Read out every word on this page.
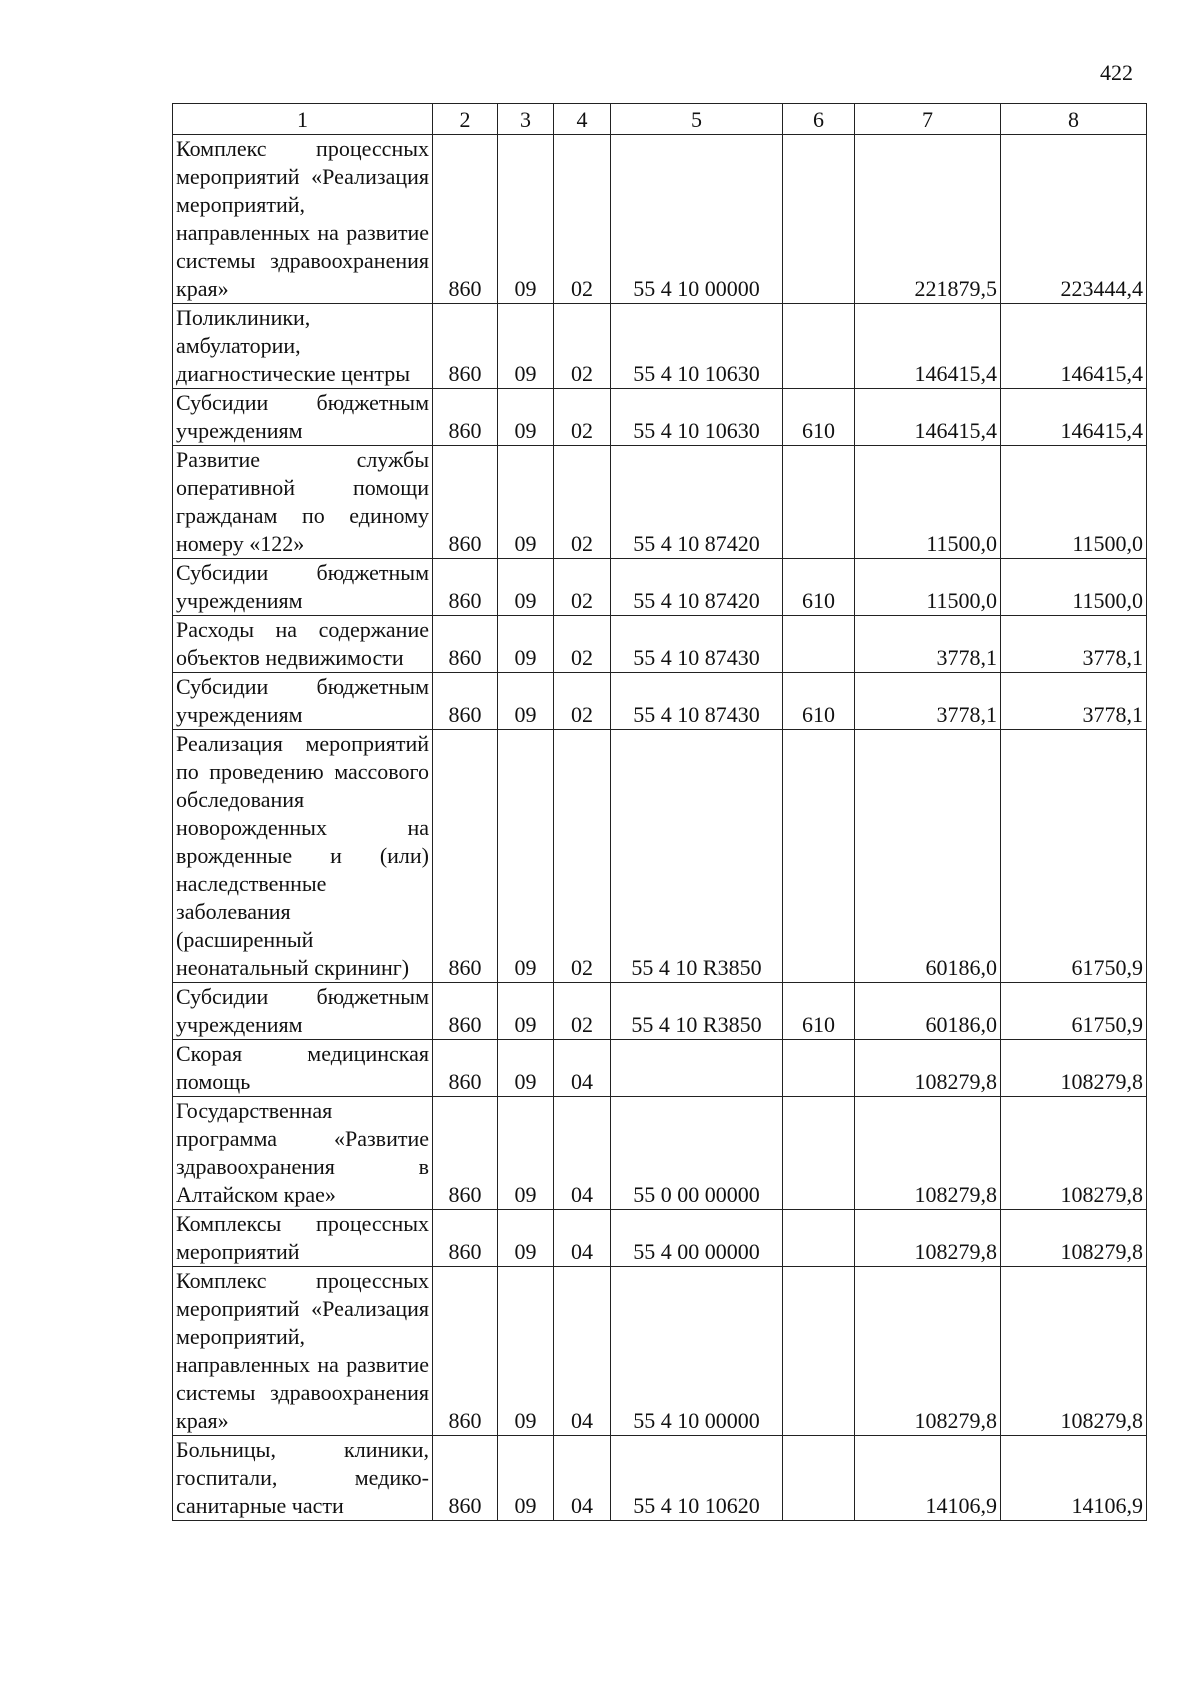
422
1	2	3	4	5	6	7	8
Комплекс процессных мероприятий «Реализация мероприятий, направленных на развитие системы здравоохранения края»	860	09	02	55 4 10 00000		221879,5	223444,4
Поликлиники, амбулатории, диагностические центры	860	09	02	55 4 10 10630		146415,4	146415,4
Субсидии бюджетным учреждениям	860	09	02	55 4 10 10630	610	146415,4	146415,4
Развитие службы оперативной помощи гражданам по единому номеру «122»	860	09	02	55 4 10 87420		11500,0	11500,0
Субсидии бюджетным учреждениям	860	09	02	55 4 10 87420	610	11500,0	11500,0
Расходы на содержание объектов недвижимости	860	09	02	55 4 10 87430		3778,1	3778,1
Субсидии бюджетным учреждениям	860	09	02	55 4 10 87430	610	3778,1	3778,1
Реализация мероприятий по проведению массового обследования новорожденных на врожденные и (или) наследственные заболевания (расширенный неонатальный скрининг)	860	09	02	55 4 10 R3850		60186,0	61750,9
Субсидии бюджетным учреждениям	860	09	02	55 4 10 R3850	610	60186,0	61750,9
Скорая медицинская помощь	860	09	04			108279,8	108279,8
Государственная программа «Развитие здравоохранения в Алтайском крае»	860	09	04	55 0 00 00000		108279,8	108279,8
Комплексы процессных мероприятий	860	09	04	55 4 00 00000		108279,8	108279,8
Комплекс процессных мероприятий «Реализация мероприятий, направленных на развитие системы здравоохранения края»	860	09	04	55 4 10 00000		108279,8	108279,8
Больницы, клиники, госпитали, медико-санитарные части	860	09	04	55 4 10 10620		14106,9	14106,9
